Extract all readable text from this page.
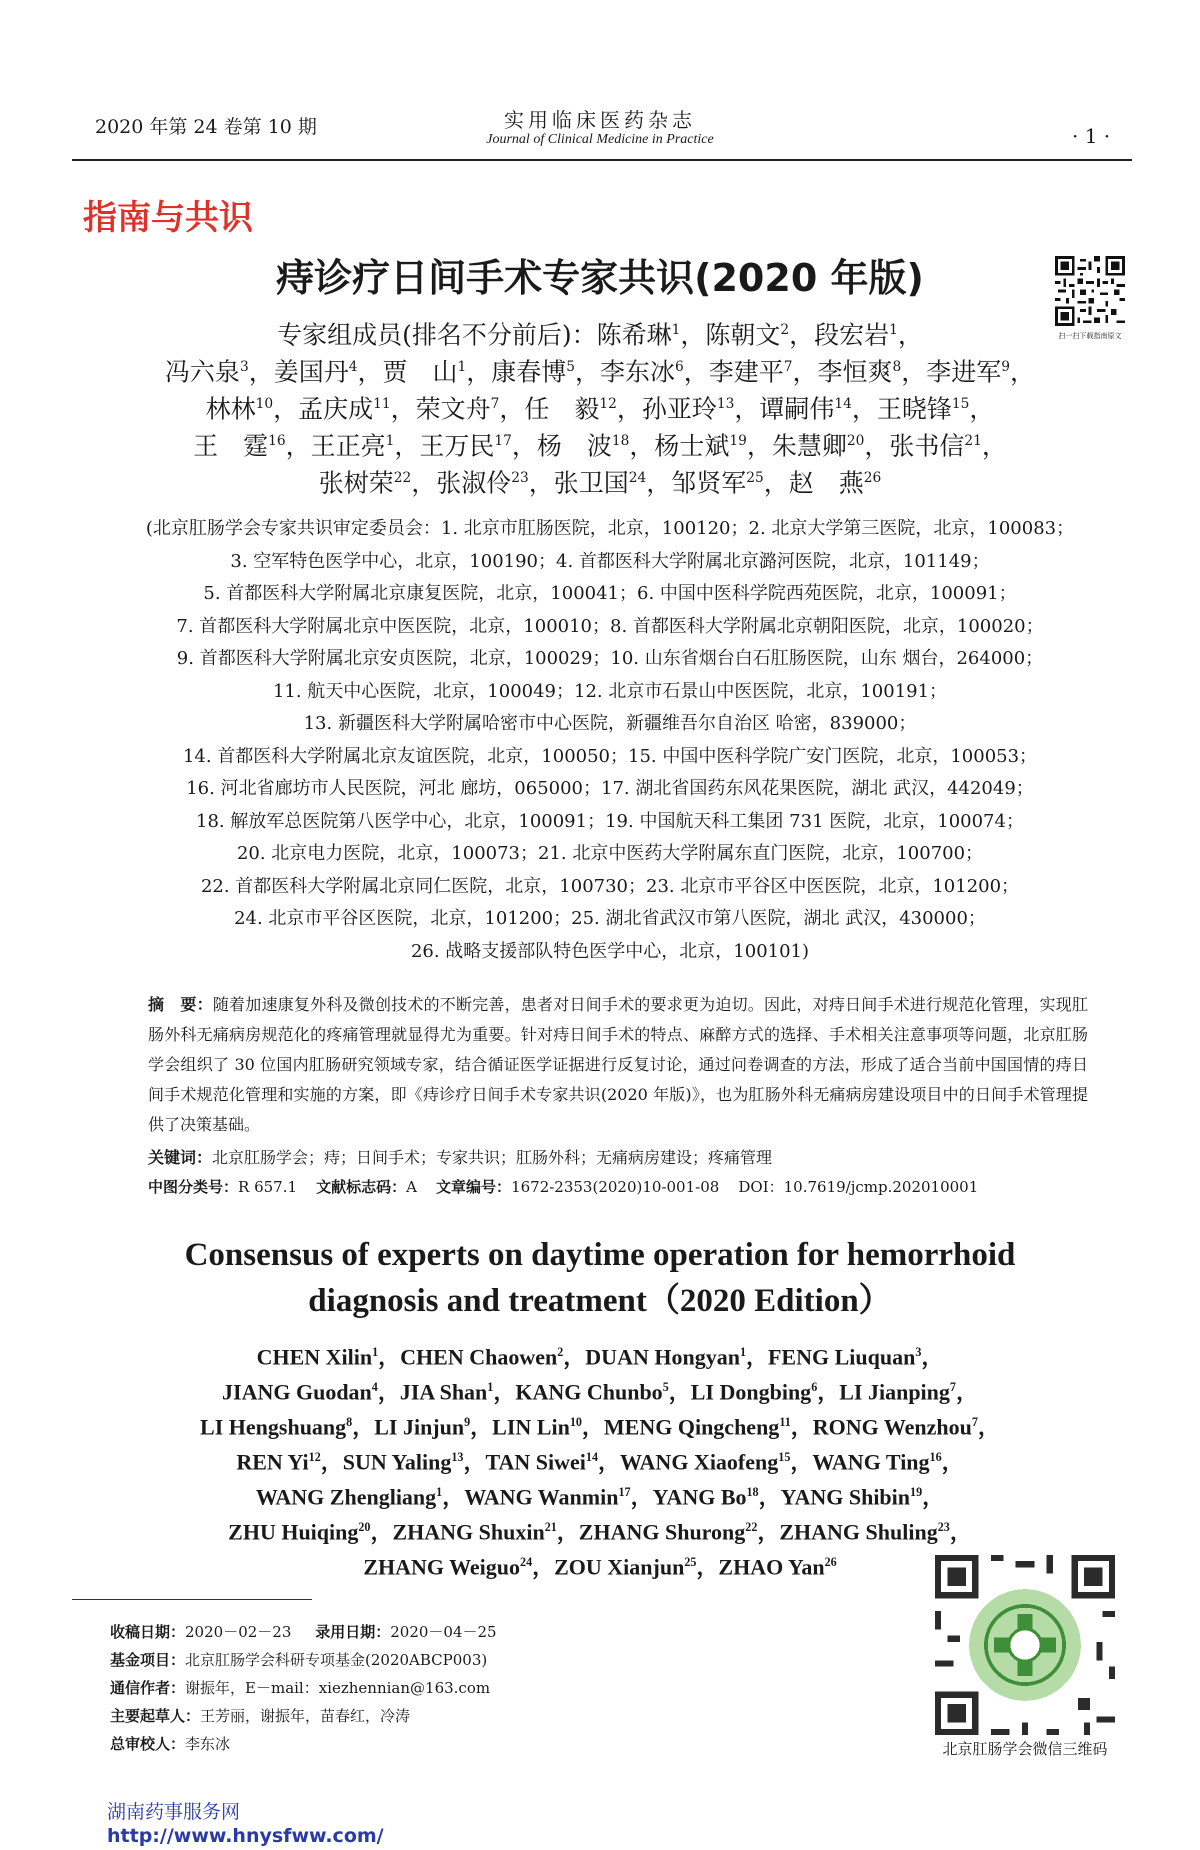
2020 年第 24 卷第 10 期	实用临床医药杂志
Journal of Clinical Medicine in Practice	· 1 ·
指南与共识
痔诊疗日间手术专家共识(2020 年版)
扫一扫下载指南原文
专家组成员(排名不分前后)：陈希琳$^1$，陈朝文$^2$，段宏岩$^1$，
冯六泉$^3$，姜国丹$^4$，贾　山$^1$，康春博$^5$，李东冰$^6$，李建平$^7$，李恒爽$^8$，李进军$^9$，
林林$^{10}$，孟庆成$^{11}$，荣文舟$^7$，任　毅$^{12}$，孙亚玲$^{13}$，谭嗣伟$^{14}$，王晓锋$^{15}$，
王　霆$^{16}$，王正亮$^1$，王万民$^{17}$，杨　波$^{18}$，杨士斌$^{19}$，朱慧卿$^{20}$，张书信$^{21}$，
张树荣$^{22}$，张淑伶$^{23}$，张卫国$^{24}$，邹贤军$^{25}$，赵　燕$^{26}$
(北京肛肠学会专家共识审定委员会：1. 北京市肛肠医院，北京，100120；2. 北京大学第三医院，北京，100083；
3. 空军特色医学中心，北京，100190；4. 首都医科大学附属北京潞河医院，北京，101149；
5. 首都医科大学附属北京康复医院，北京，100041；6. 中国中医科学院西苑医院，北京，100091；
7. 首都医科大学附属北京中医医院，北京，100010；8. 首都医科大学附属北京朝阳医院，北京，100020；
9. 首都医科大学附属北京安贞医院，北京，100029；10. 山东省烟台白石肛肠医院，山东 烟台，264000；
11. 航天中心医院，北京，100049；12. 北京市石景山中医医院，北京，100191；
13. 新疆医科大学附属哈密市中心医院，新疆维吾尔自治区 哈密，839000；
14. 首都医科大学附属北京友谊医院，北京，100050；15. 中国中医科学院广安门医院，北京，100053；
16. 河北省廊坊市人民医院，河北 廊坊，065000；17. 湖北省国药东风花果医院，湖北 武汉，442049；
18. 解放军总医院第八医学中心，北京，100091；19. 中国航天科工集团 731 医院，北京，100074；
20. 北京电力医院，北京，100073；21. 北京中医药大学附属东直门医院，北京，100700；
22. 首都医科大学附属北京同仁医院，北京，100730；23. 北京市平谷区中医医院，北京，101200；
24. 北京市平谷区医院，北京，101200；25. 湖北省武汉市第八医院，湖北 武汉，430000；
26. 战略支援部队特色医学中心，北京，100101)
摘　要：随着加速康复外科及微创技术的不断完善，患者对日间手术的要求更为迫切。因此，对痔日间手术进行规范化管理，实现肛肠外科无痛病房规范化的疼痛管理就显得尤为重要。针对痔日间手术的特点、麻醉方式的选择、手术相关注意事项等问题，北京肛肠学会组织了 30 位国内肛肠研究领域专家，结合循证医学证据进行反复讨论，通过问卷调查的方法，形成了适合当前中国国情的痔日间手术规范化管理和实施的方案，即《痔诊疗日间手术专家共识(2020 年版)》，也为肛肠外科无痛病房建设项目中的日间手术管理提供了决策基础。
关键词：北京肛肠学会；痔；日间手术；专家共识；肛肠外科；无痛病房建设；疼痛管理
中图分类号：R 657.1 文献标志码：A 文章编号：1672-2353(2020)10-001-08 DOI：10.7619/jcmp.202010001
Consensus of experts on daytime operation for hemorrhoid
diagnosis and treatment（2020 Edition）
CHEN Xilin$^1$，CHEN Chaowen$^2$，DUAN Hongyan$^1$，FENG Liuquan$^3$，
JIANG Guodan$^4$，JIA Shan$^1$，KANG Chunbo$^5$，LI Dongbing$^6$，LI Jianping$^7$，
LI Hengshuang$^8$，LI Jinjun$^9$，LIN Lin$^{10}$，MENG Qingcheng$^{11}$，RONG Wenzhou$^7$，
REN Yi$^{12}$，SUN Yaling$^{13}$，TAN Siwei$^{14}$，WANG Xiaofeng$^{15}$，WANG Ting$^{16}$，
WANG Zhengliang$^1$，WANG Wanmin$^{17}$，YANG Bo$^{18}$，YANG Shibin$^{19}$，
ZHU Huiqing$^{20}$，ZHANG Shuxin$^{21}$，ZHANG Shurong$^{22}$，ZHANG Shuling$^{23}$，
ZHANG Weiguo$^{24}$，ZOU Xianjun$^{25}$，ZHAO Yan$^{26}$
收稿日期：2020－02－23 录用日期：2020－04－25
基金项目：北京肛肠学会科研专项基金(2020ABCP003)
通信作者：谢振年，E－mail：xiezhennian@163.com
主要起草人：王芳丽，谢振年，苗春红，冷涛
总审校人：李东冰	北京肛肠学会微信三维码
湖南药事服务网
http://www.hnysfww.com/
